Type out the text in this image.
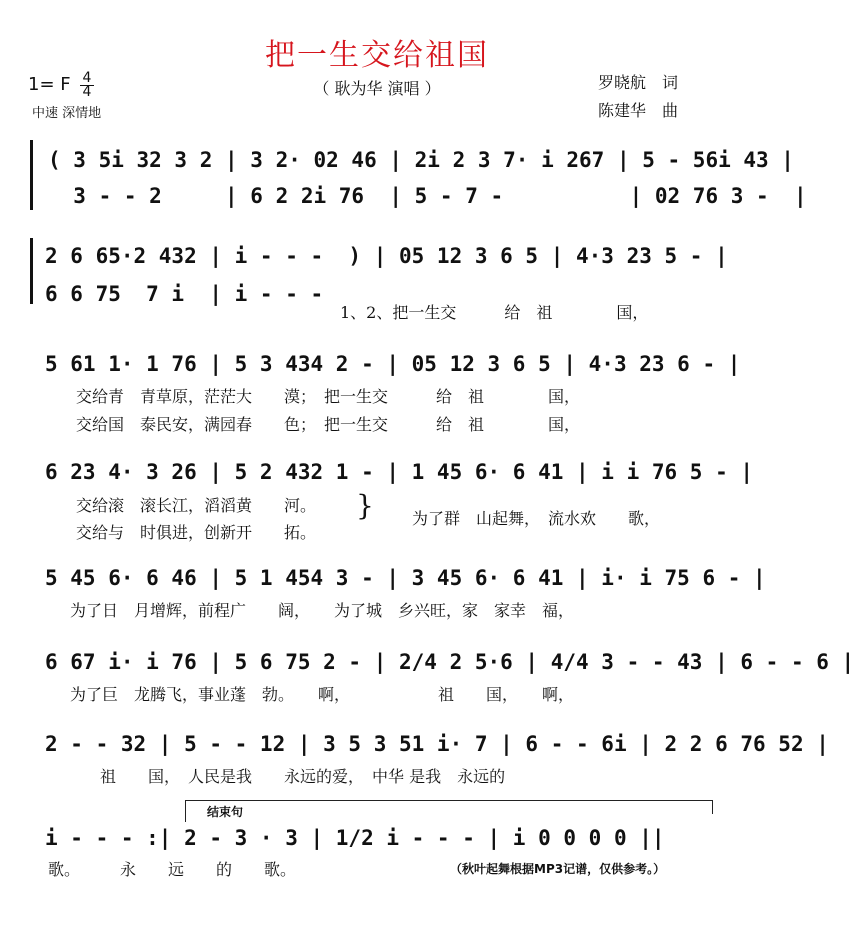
把一生交给祖国
（ 耿为华 演唱 ）	罗晓航　词
陈建华　曲
1= F 4
4
中速 深情地
( 3 5i 32 3 2 | 3 2· 02 46 | 2i 2 3 7· i 267 | 5 - 56i 43 |
3 - - 2     | 6 2 2i 76  | 5 - 7 -          | 02 76 3 -  |
2 6 65·2 432 | i - - -  ) | 05 12 3 6 5 | 4·3 23 5 - |
6 6 75  7 i  | i - - -
1、2、把一生交　　　给　祖　　　　国，
5 61 1· 1 76 | 5 3 434 2 - | 05 12 3 6 5 | 4·3 23 6 - |
交给青　青草原，茫茫大　　漠；　把一生交　　　给　祖　　　　国，
交给国　泰民安，满园春　　色；　把一生交　　　给　祖　　　　国，
6 23 4· 3 26 | 5 2 432 1 - | 1 45 6· 6 41 | i i 76 5 - |
交给滚　滚长江，滔滔黄　　河。
交给与　时俱进，创新开　　拓。
} 为了群　山起舞，　流水欢　　歌，
5 45 6· 6 46 | 5 1 454 3 - | 3 45 6· 6 41 | i· i 75 6 - |
为了日　月增辉，前程广　　阔，　　为了城　乡兴旺，家　家幸　福，
6 67 i· i 76 | 5 6 75 2 - | 2/4 2 5·6 | 4/4 3 - - 43 | 6 - - 6 |
为了巨　龙腾飞，事业蓬　勃。　　啊，　　　　　　祖　　国，　　啊，
2 - - 32 | 5 - - 12 | 3 5 3 51 i· 7 | 6 - - 6i | 2 2 6 76 52 |
祖　　国，　人民是我　　永远的爱，　中华 是我　永远的
结束句
i - - - :| 2 - 3 · 3 | 1/2 i - - - | i 0 0 0 0 ||
歌。　　　永　　远　　的　　歌。	（秋叶起舞根据MP3记谱，仅供参考。）
